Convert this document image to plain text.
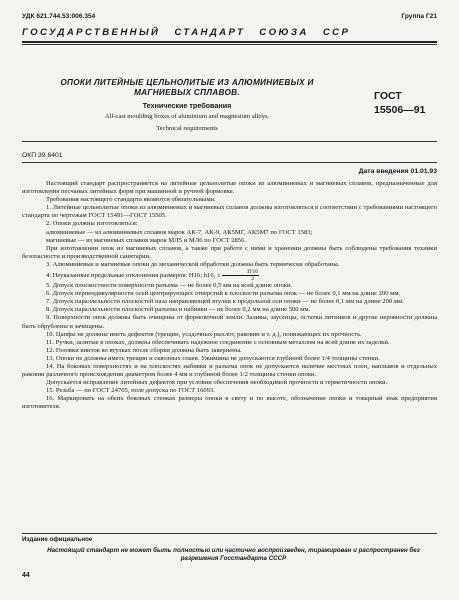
УДК 621.744.53:006.354	Группа Г21
ГОСУДАРСТВЕННЫЙ СТАНДАРТ СОЮЗА ССР
ОПОКИ ЛИТЕЙНЫЕ ЦЕЛЬНОЛИТЫЕ ИЗ АЛЮМИНИЕВЫХ И
МАГНИЕВЫХ СПЛАВОВ.
Технические требования
All-cast moulding boxes of aluminium and magnesium alloys.
Technical requirements
ГОСТ
15506—91
ОКП 39 6401
Дата введения 01.01.93

Настоящий стандарт распространяется на литейные цельнолитые опоки из алюминиевых и магниевых сплавов, предназначенные для изготовления песчаных литейных форм при машинной и ручной формовке.

Требования настоящего стандарта являются обязательными.

1. Литейные цельнолитые опоки из алюминиевых и магниевых сплавов должны изготовляться в соответствии с требованиями настоящего стандарта по чертежам ГОСТ 15491—ГОСТ 15505.

2. Опоки должны изготовляться:

алюминиевые — из алюминиевых сплавов марок АК-7, АК-9, АК5МГ, АК5М7 по ГОСТ 1583;

магниевые — из магниевых сплавов марок МЛ5 и МЛ6 по ГОСТ 2856.

При изготовлении опок из магниевых сплавов, а также при работе с ними и хранении должны быть соблюдены требования техники безопасности и производственной санитарии.

3. Алюминиевые и магниевые опоки до механической обработки должны быть термически обработаны.

4. Неуказанные предельные отклонения размеров: H16; h16, ± $\frac{IT16}{2}$

5. Допуск плоскостности поверхности разъема — не более 0,5 мм на всей длине опоки.

6. Допуск перпендикулярности осей центрирующих отверстий к плоскости разъема опок — не более 0,1 мм на длине 200 мм.

7. Допуск параллельности плоскостей паза направляющей втулки к продольной оси опоки — не более 0,1 мм на длине 200 мм.

8. Допуск параллельности плоскостей разъема и набивки — не более 0,2 мм на длине 500 мм.

9. Поверхности опок должны быть очищены от формовочной земли. Заливы, заусенцы, остатки литников и другие неровности должны быть обрублены и зачищены.

10. Цапфы не должны иметь дефектов (трещин, усадочных рыхлот, раковин и т. д.), понижающих их прочность.

11. Ручки, залитые в опоках, должны обеспечивать надежное соединение с основным металлом на всей длине их заделки.

12. Головки винтов во втулках после сборки должны быть закернены.

13. Опоки не должны иметь трещин и сквозных спаев. Ужимины не допускаются глубиной более 1/4 толщины стенки.

14. На боковых поверхностях и на плоскостях набивки и разъема опок не допускается наличие местных плен, наплывов и отдельных раковин различного происхождения диаметром более 4 мм и глубиной более 1/2 толщины стенки опоки.

Допускается исправление литейных дефектов при условии обеспечения необходимой прочности и герметичности опоки.

15. Резьба — по ГОСТ 24705, поле допуска по ГОСТ 16093.

16. Маркировать на обеих боковых стенках размеры опоки в свету и по высоте, обозначение опоки и товарный знак предприятия изготовителя.

Издание официальное
Настоящий стандарт не может быть полностью или частично воспроизведен, тиражирован и распространен без разрешения Госстандарта СССР
44
